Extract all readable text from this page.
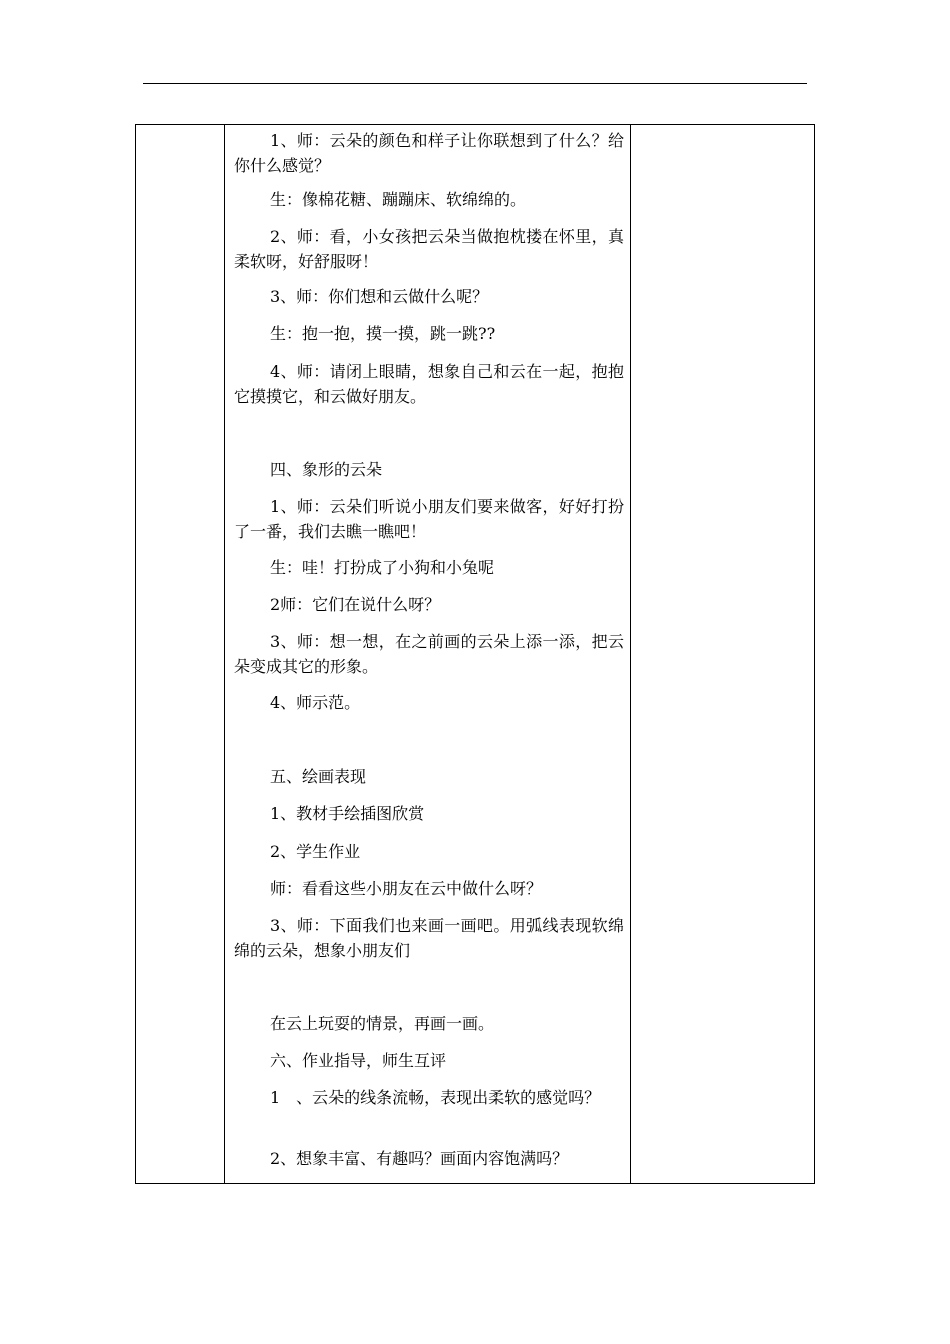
1、师：云朵的颜色和样子让你联想到了什么？给你什么感觉？
生：像棉花糖、蹦蹦床、软绵绵的。
2、师：看，小女孩把云朵当做抱枕搂在怀里，真柔软呀，好舒服呀！
3、师：你们想和云做什么呢？
生：抱一抱，摸一摸，跳一跳??
4、师：请闭上眼睛，想象自己和云在一起，抱抱它摸摸它，和云做好朋友。
四、象形的云朵
1、师：云朵们听说小朋友们要来做客，好好打扮了一番，我们去瞧一瞧吧！
生：哇！打扮成了小狗和小兔呢
2师：它们在说什么呀？
3、师：想一想，在之前画的云朵上添一添，把云朵变成其它的形象。
4、师示范。
五、绘画表现
1、教材手绘插图欣赏
2、学生作业
师：看看这些小朋友在云中做什么呀？
3、师：下面我们也来画一画吧。用弧线表现软绵绵的云朵，想象小朋友们
在云上玩耍的情景，再画一画。
六、作业指导，师生互评
1　、云朵的线条流畅，表现出柔软的感觉吗？
2、想象丰富、有趣吗？画面内容饱满吗？
